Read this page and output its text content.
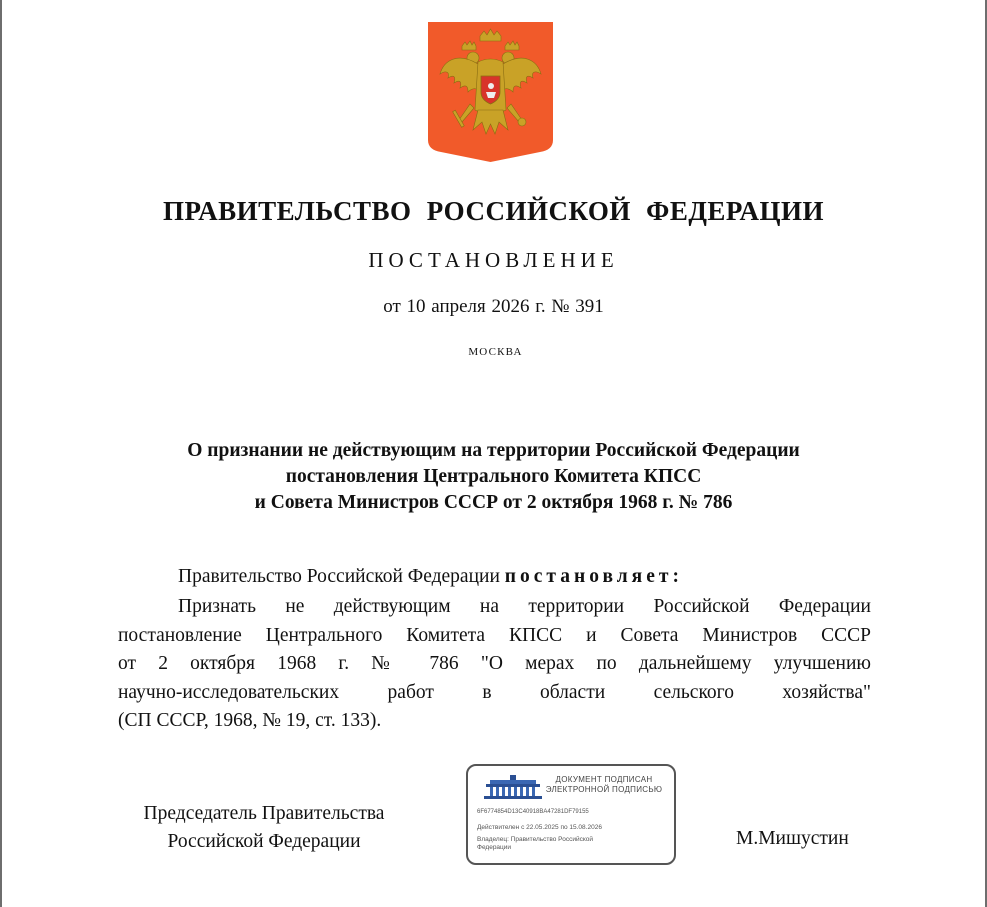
ПРАВИТЕЛЬСТВО РОССИЙСКОЙ ФЕДЕРАЦИИ
ПОСТАНОВЛЕНИЕ
от 10 апреля 2026 г. № 391
МОСКВА
О признании не действующим на территории Российской Федерации
постановления Центрального Комитета КПСС
и Совета Министров СССР от 2 октября 1968 г. № 786
Правительство Российской Федерации постановляет:
Признать не действующим на территории Российской Федерации
постановление Центрального Комитета КПСС и Совета Министров СССР
от 2 октября 1968 г. № 786 "О мерах по дальнейшему улучшению
научно-исследовательских работ в области сельского хозяйства"
(СП СССР, 1968, № 19, ст. 133).
Председатель Правительства
Российской Федерации
ДОКУМЕНТ ПОДПИСАН
ЭЛЕКТРОННОЙ ПОДПИСЬЮ
6F6774854D13C40918BA47281DF79155
Действителен с 22.05.2025 по 15.08.2026
Владелец: Правительство Российской
Федерации	М.Мишустин
